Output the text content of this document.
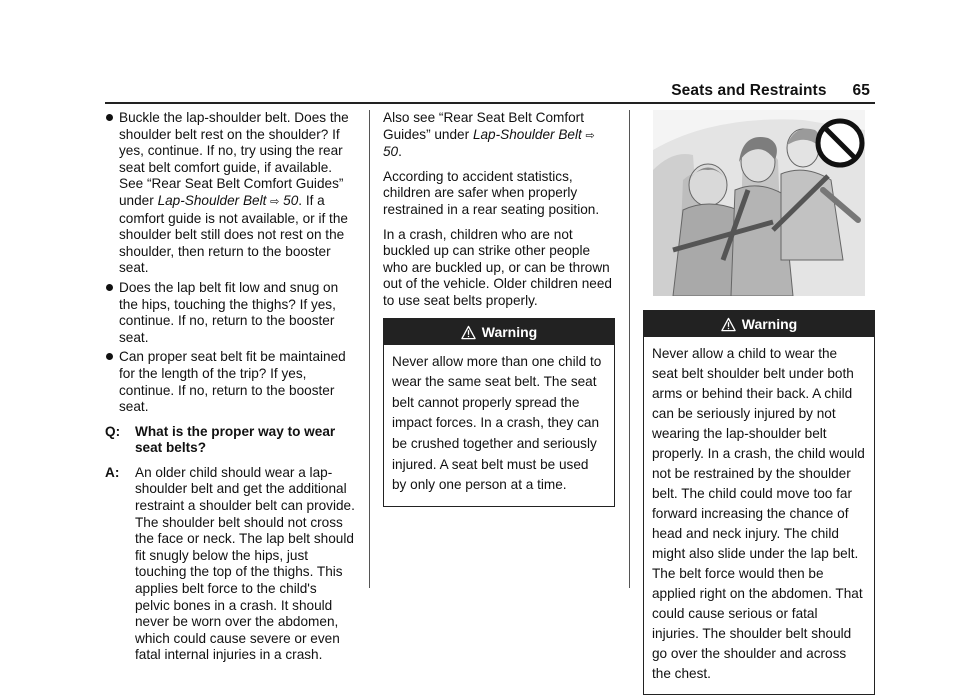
Seats and Restraints 65
Buckle the lap-shoulder belt. Does the shoulder belt rest on the shoulder? If yes, continue. If no, try using the rear seat belt comfort guide, if available. See “Rear Seat Belt Comfort Guides” under Lap-Shoulder Belt ⇨ 50. If a comfort guide is not available, or if the shoulder belt still does not rest on the shoulder, then return to the booster seat.
Does the lap belt fit low and snug on the hips, touching the thighs? If yes, continue. If no, return to the booster seat.
Can proper seat belt fit be maintained for the length of the trip? If yes, continue. If no, return to the booster seat.
Q: What is the proper way to wear seat belts?
A: An older child should wear a lap-shoulder belt and get the additional restraint a shoulder belt can provide. The shoulder belt should not cross the face or neck. The lap belt should fit snugly below the hips, just touching the top of the thighs. This applies belt force to the child's pelvic bones in a crash. It should never be worn over the abdomen, which could cause severe or even fatal internal injuries in a crash.

Also see “Rear Seat Belt Comfort Guides” under Lap-Shoulder Belt ⇨ 50.

According to accident statistics, children are safer when properly restrained in a rear seating position.

In a crash, children who are not buckled up can strike other people who are buckled up, or can be thrown out of the vehicle. Older children need to use seat belts properly.

Warning
Never allow more than one child to wear the same seat belt. The seat belt cannot properly spread the impact forces. In a crash, they can be crushed together and seriously injured. A seat belt must be used by only one person at a time.
Warning
Never allow a child to wear the seat belt shoulder belt under both arms or behind their back. A child can be seriously injured by not wearing the lap-shoulder belt properly. In a crash, the child would not be restrained by the shoulder belt. The child could move too far forward increasing the chance of head and neck injury. The child might also slide under the lap belt. The belt force would then be applied right on the abdomen. That could cause serious or fatal injuries. The shoulder belt should go over the shoulder and across the chest.
